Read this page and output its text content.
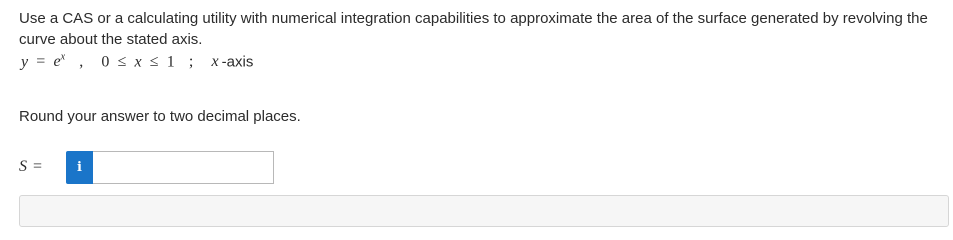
Use a CAS or a calculating utility with numerical integration capabilities to approximate the area of the surface generated by revolving the curve about the stated axis.
$y = e^x$ , 0 ≤ x ≤ 1 ; x -axis
Round your answer to two decimal places.
S =	i
